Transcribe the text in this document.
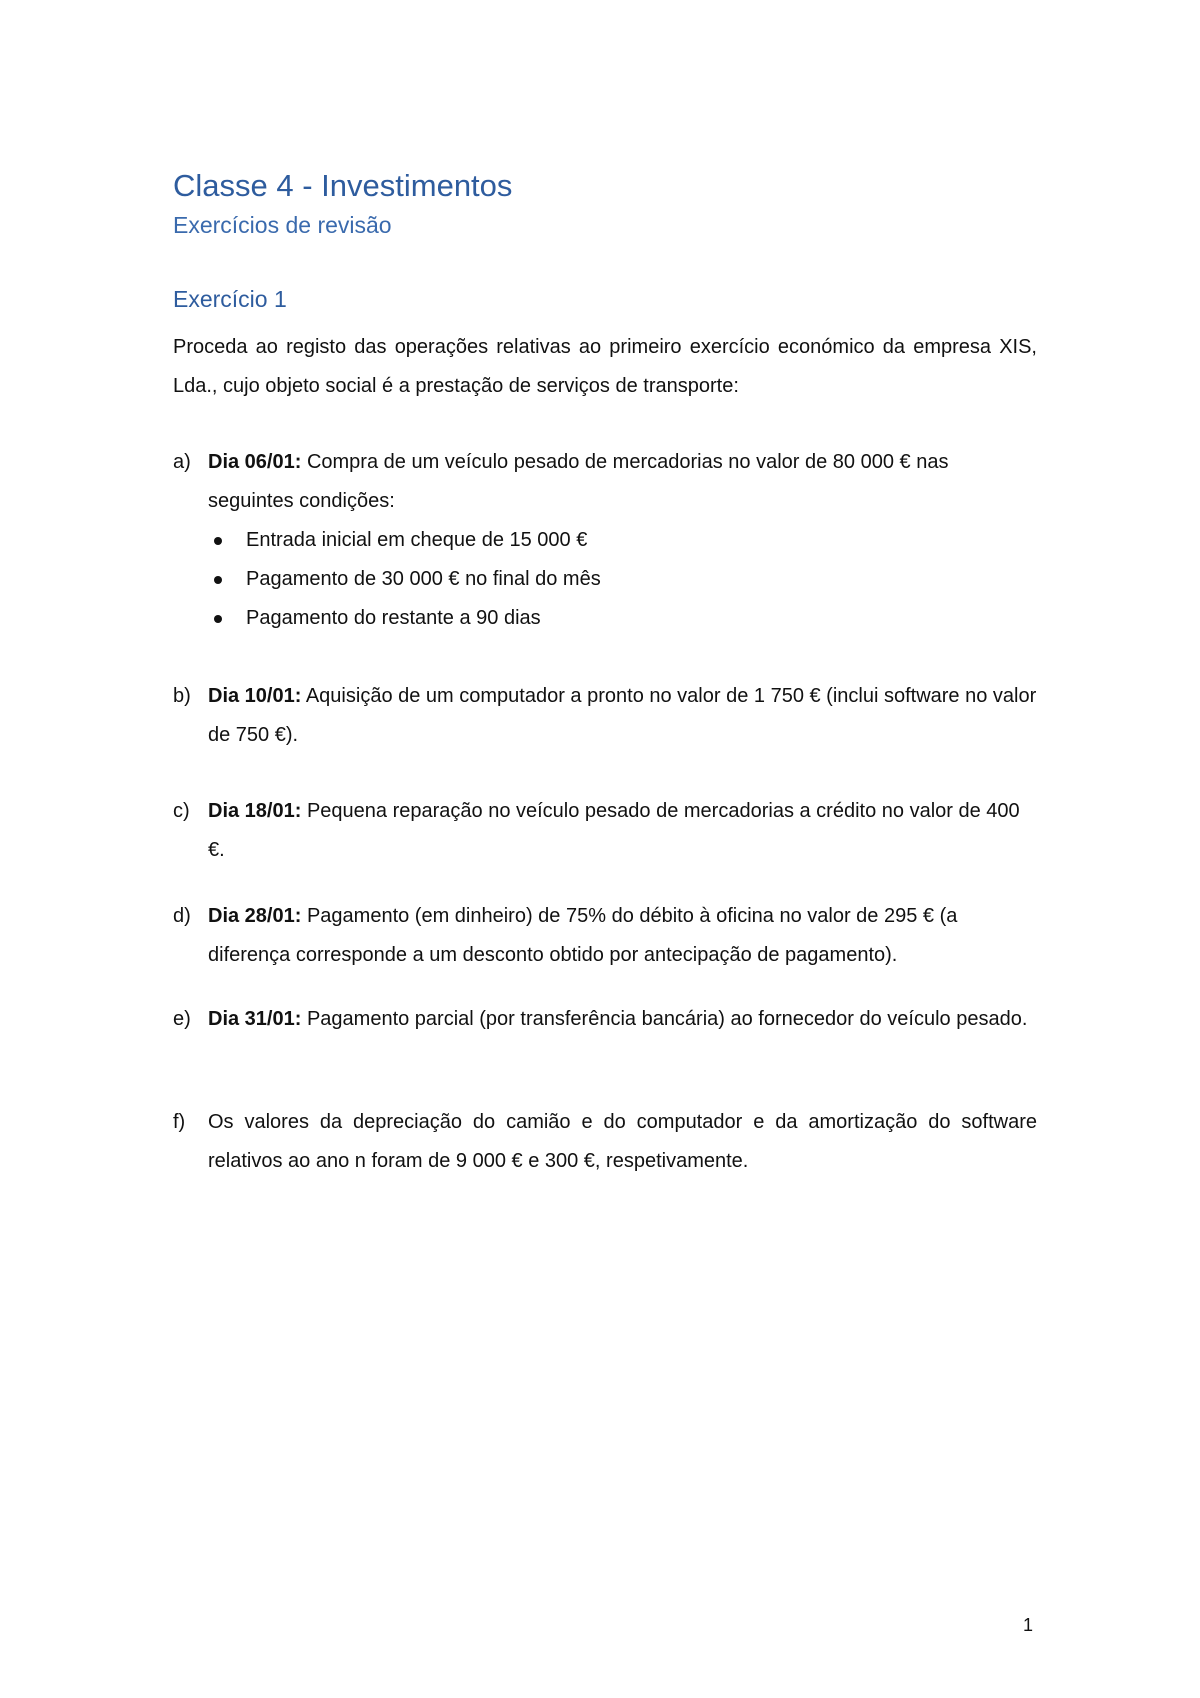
Classe 4 - Investimentos
Exercícios de revisão
Exercício 1
Proceda ao registo das operações relativas ao primeiro exercício económico da empresa XIS, Lda., cujo objeto social é a prestação de serviços de transporte:
a) Dia 06/01: Compra de um veículo pesado de mercadorias no valor de 80 000 € nas seguintes condições:
Entrada inicial em cheque de 15 000 €
Pagamento de 30 000 € no final do mês
Pagamento do restante a 90 dias
b) Dia 10/01: Aquisição de um computador a pronto no valor de 1 750 € (inclui software no valor de 750 €).
c) Dia 18/01: Pequena reparação no veículo pesado de mercadorias a crédito no valor de 400 €.
d) Dia 28/01: Pagamento (em dinheiro) de 75% do débito à oficina no valor de 295 € (a diferença corresponde a um desconto obtido por antecipação de pagamento).
e) Dia 31/01: Pagamento parcial (por transferência bancária) ao fornecedor do veículo pesado.
f) Os valores da depreciação do camião e do computador e da amortização do software relativos ao ano n foram de 9 000 € e 300 €, respetivamente.
1
